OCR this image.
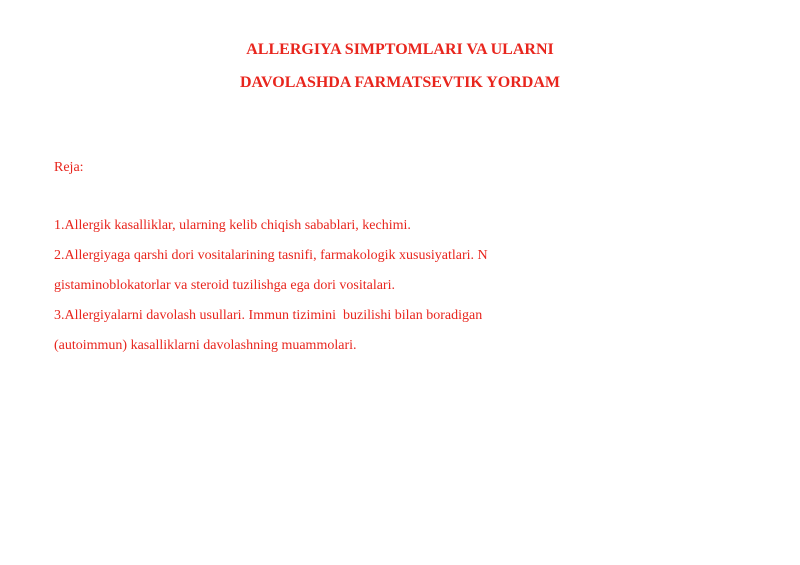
ALLERGIYA SIMPTOMLARI VA ULARNI
DAVOLASHDA FARMATSEVTIK YORDAM
Reja:
1.Allergik kasalliklar, ularning kelib chiqish sabablari, kechimi.
2.Allergiyaga qarshi dori vositalarining tasnifi, farmakologik xususiyatlari. N
gistaminoblokatorlar va steroid tuzilishga ega dori vositalari.
3.Allergiyalarni davolash usullari. Immun tizimini  buzilishi bilan boradigan
(autoimmun) kasalliklarni davolashning muammolari.
